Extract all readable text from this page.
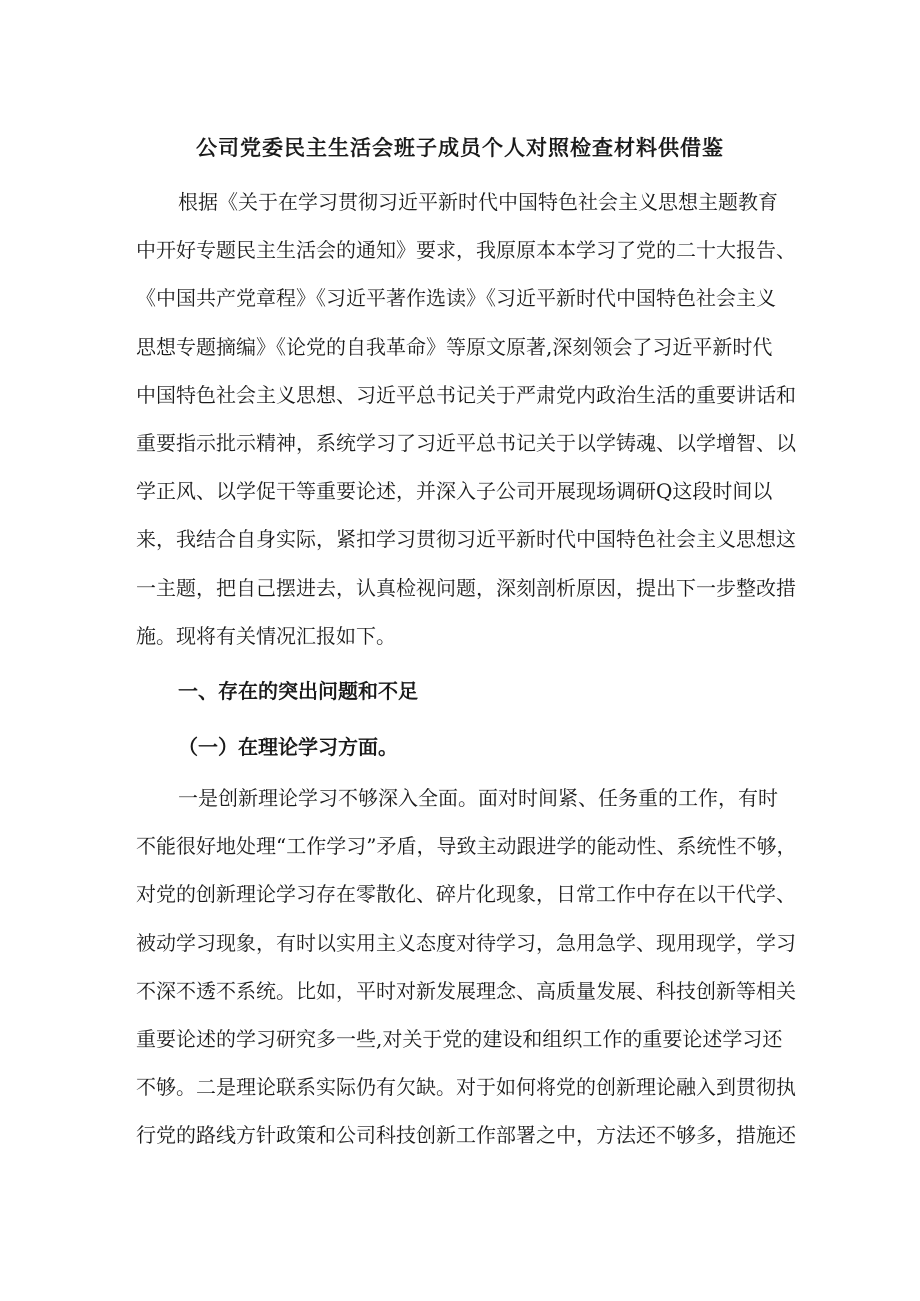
公司党委民主生活会班子成员个人对照检查材料供借鉴
根据《关于在学习贯彻习近平新时代中国特色社会主义思想主题教育
中开好专题民主生活会的通知》要求，我原原本本学习了党的二十大报告、
《中国共产党章程》《习近平著作选读》《习近平新时代中国特色社会主义
思想专题摘编》《论党的自我革命》等原文原著,深刻领会了习近平新时代
中国特色社会主义思想、习近平总书记关于严肃党内政治生活的重要讲话和
重要指示批示精神，系统学习了习近平总书记关于以学铸魂、以学增智、以
学正风、以学促干等重要论述，并深入子公司开展现场调研Q这段时间以
来，我结合自身实际，紧扣学习贯彻习近平新时代中国特色社会主义思想这
一主题，把自己摆进去，认真检视问题，深刻剖析原因，提出下一步整改措
施。现将有关情况汇报如下。
一、存在的突出问题和不足
（一）在理论学习方面。
一是创新理论学习不够深入全面。面对时间紧、任务重的工作，有时
不能很好地处理“工作学习”矛盾，导致主动跟进学的能动性、系统性不够，
对党的创新理论学习存在零散化、碎片化现象，日常工作中存在以干代学、
被动学习现象，有时以实用主义态度对待学习，急用急学、现用现学，学习
不深不透不系统。比如，平时对新发展理念、高质量发展、科技创新等相关
重要论述的学习研究多一些,对关于党的建设和组织工作的重要论述学习还
不够。二是理论联系实际仍有欠缺。对于如何将党的创新理论融入到贯彻执
行党的路线方针政策和公司科技创新工作部署之中，方法还不够多，措施还
